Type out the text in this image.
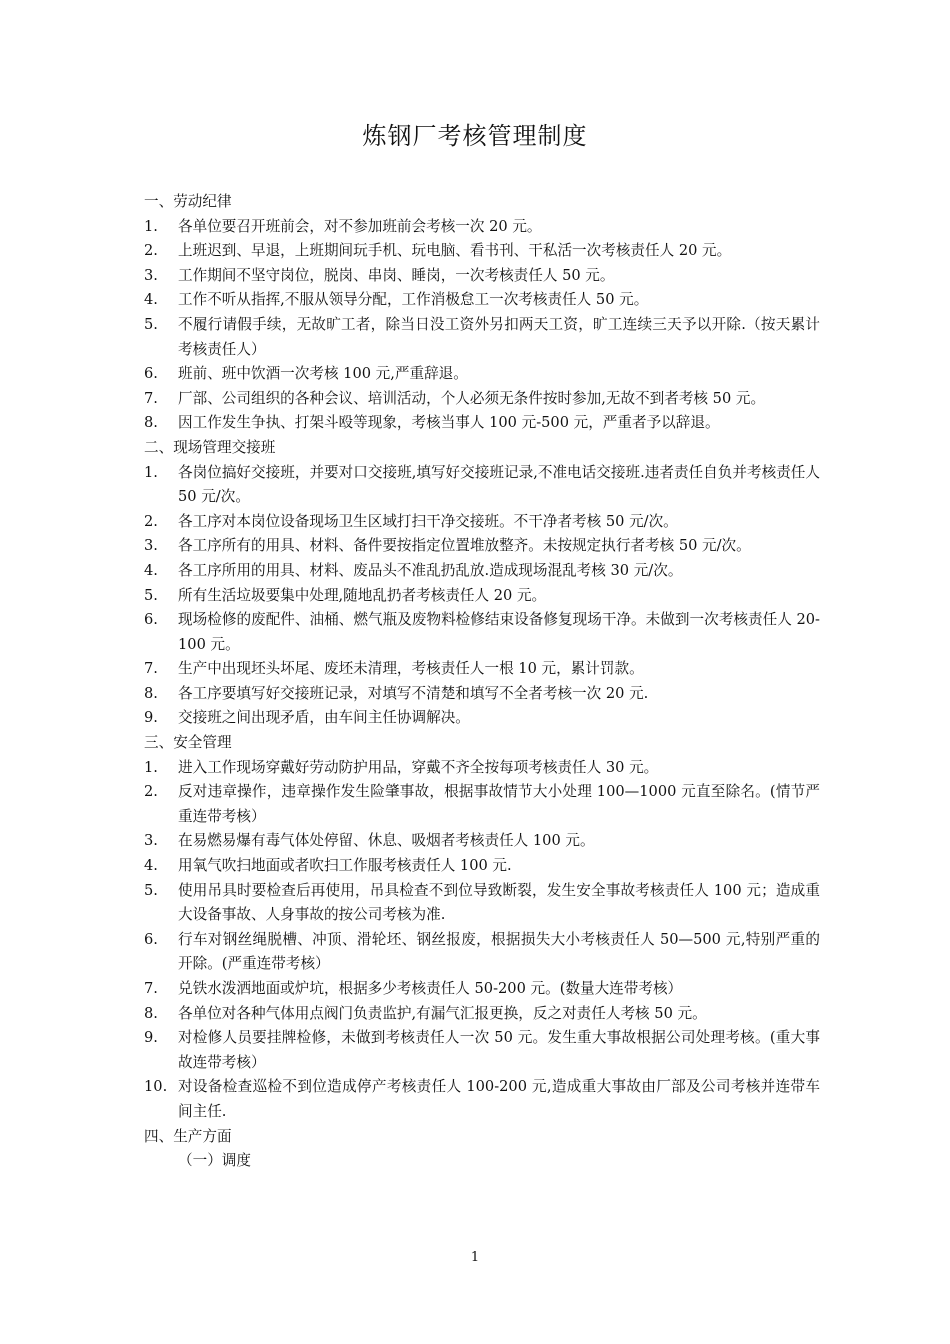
炼钢厂考核管理制度
一、劳动纪律
1.	各单位要召开班前会，对不参加班前会考核一次 20 元。
2.	上班迟到、早退，上班期间玩手机、玩电脑、看书刊、干私活一次考核责任人 20 元。
3.	工作期间不坚守岗位，脱岗、串岗、睡岗，一次考核责任人 50 元。
4.	工作不听从指挥,不服从领导分配，工作消极怠工一次考核责任人 50 元。
5.	不履行请假手续，无故旷工者，除当日没工资外另扣两天工资，旷工连续三天予以开除.（按天累计考核责任人）
6.	班前、班中饮酒一次考核 100 元,严重辞退。
7.	厂部、公司组织的各种会议、培训活动，个人必须无条件按时参加,无故不到者考核 50 元。
8.	因工作发生争执、打架斗殴等现象，考核当事人 100 元-500 元，严重者予以辞退。
二、现场管理交接班
1.	各岗位搞好交接班，并要对口交接班,填写好交接班记录,不准电话交接班.违者责任自负并考核责任人 50 元/次。
2.	各工序对本岗位设备现场卫生区域打扫干净交接班。不干净者考核 50 元/次。
3.	各工序所有的用具、材料、备件要按指定位置堆放整齐。未按规定执行者考核 50 元/次。
4.	各工序所用的用具、材料、废品头不准乱扔乱放.造成现场混乱考核 30 元/次。
5.	所有生活垃圾要集中处理,随地乱扔者考核责任人 20 元。
6.	现场检修的废配件、油桶、燃气瓶及废物料检修结束设备修复现场干净。未做到一次考核责任人 20-100 元。
7.	生产中出现坯头坏尾、废坯未清理，考核责任人一根 10 元，累计罚款。
8.	各工序要填写好交接班记录，对填写不清楚和填写不全者考核一次 20 元.
9.	交接班之间出现矛盾，由车间主任协调解决。
三、安全管理
1.	进入工作现场穿戴好劳动防护用品，穿戴不齐全按每项考核责任人 30 元。
2.	反对违章操作，违章操作发生险肇事故，根据事故情节大小处理 100—1000 元直至除名。(情节严重连带考核）
3.	在易燃易爆有毒气体处停留、休息、吸烟者考核责任人 100 元。
4.	用氧气吹扫地面或者吹扫工作服考核责任人 100 元.
5.	使用吊具时要检查后再使用，吊具检查不到位导致断裂，发生安全事故考核责任人 100 元；造成重大设备事故、人身事故的按公司考核为准.
6.	行车对钢丝绳脱槽、冲顶、滑轮坯、钢丝报废，根据损失大小考核责任人 50—500 元,特别严重的开除。(严重连带考核）
7.	兑铁水泼洒地面或炉坑，根据多少考核责任人 50-200 元。(数量大连带考核）
8.	各单位对各种气体用点阀门负责监护,有漏气汇报更换，反之对责任人考核 50 元。
9.	对检修人员要挂牌检修，未做到考核责任人一次 50 元。发生重大事故根据公司处理考核。(重大事故连带考核）
10. 对设备检查巡检不到位造成停产考核责任人 100-200 元,造成重大事故由厂部及公司考核并连带车间主任.
四、生产方面
（一）调度
1
